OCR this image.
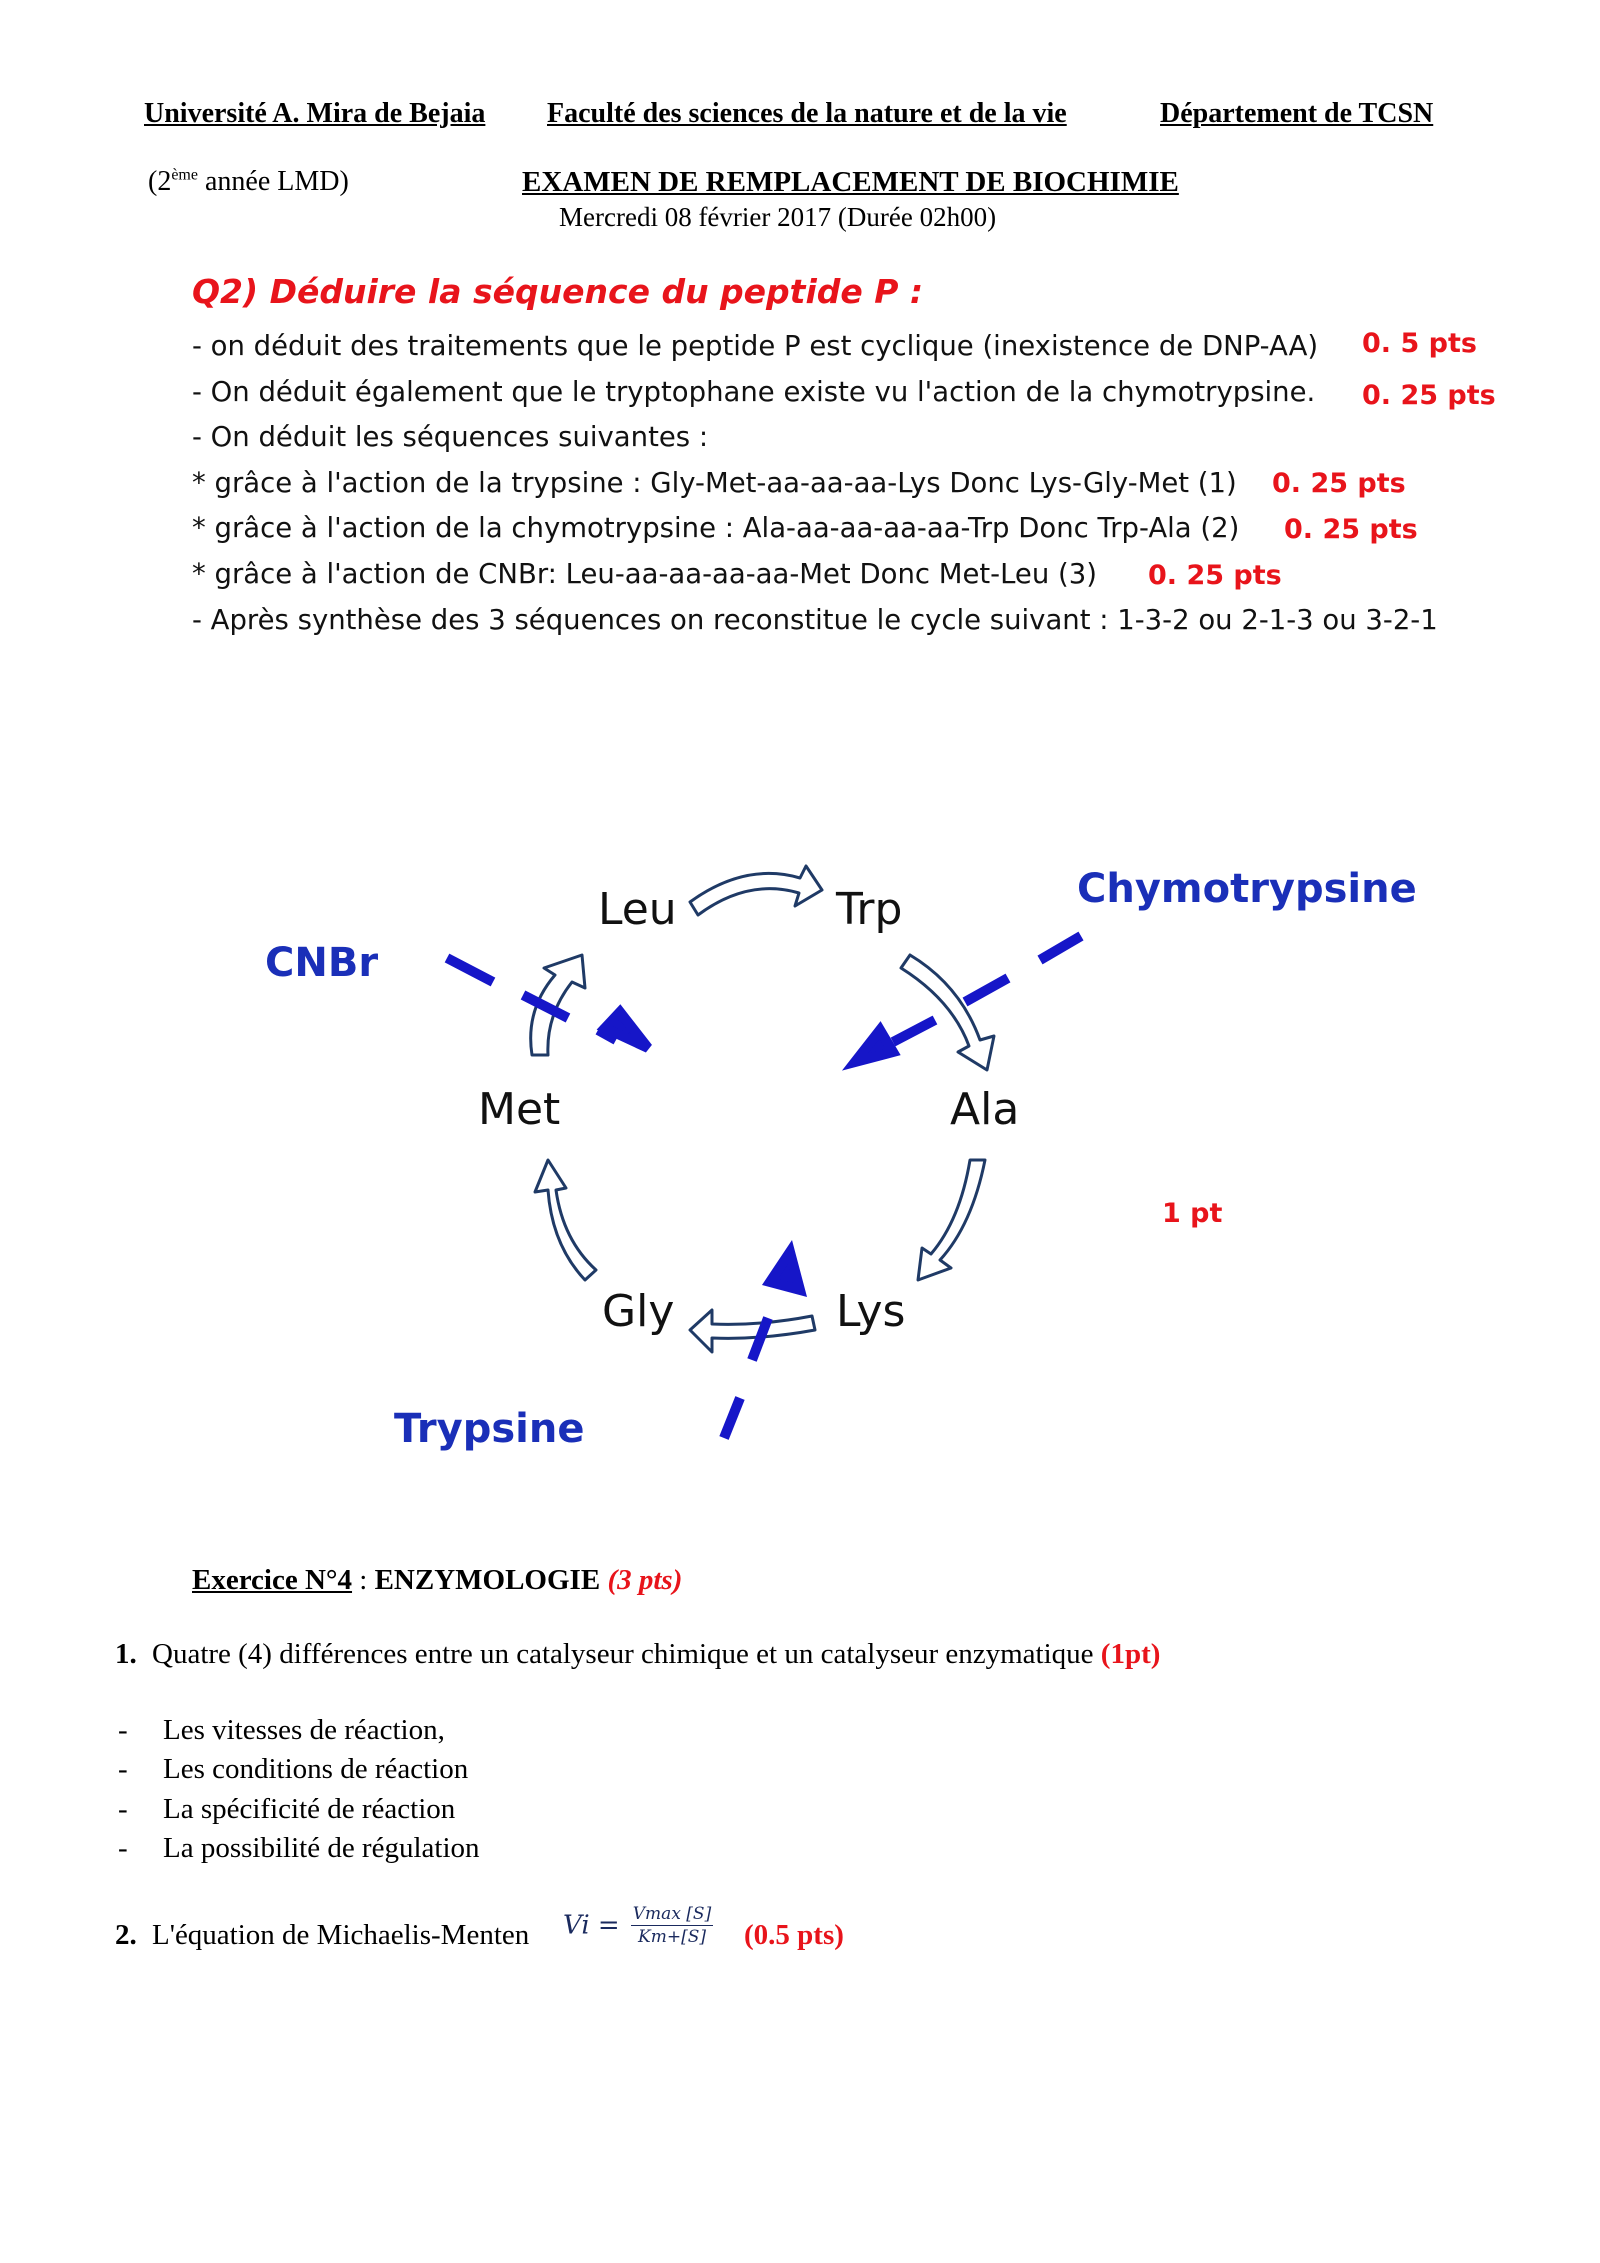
Université A. Mira de Bejaia Faculté des sciences de la nature et de la vie	Département de TCSN
(2ème année LMD)	EXAMEN DE REMPLACEMENT DE BIOCHIMIE
Mercredi 08 février 2017 (Durée 02h00)
Q2) Déduire la séquence du peptide P :
- on déduit des traitements que le peptide P est cyclique (inexistence de DNP-AA) 0. 5 pts
- On déduit également que le tryptophane existe vu l'action de la chymotrypsine. 0. 25 pts
- On déduit les séquences suivantes :
* grâce à l'action de la trypsine : Gly-Met-aa-aa-aa-Lys Donc Lys-Gly-Met (1) 0. 25 pts
* grâce à l'action de la chymotrypsine : Ala-aa-aa-aa-aa-Trp Donc Trp-Ala (2) 0. 25 pts
* grâce à l'action de CNBr: Leu-aa-aa-aa-aa-Met Donc Met-Leu (3) 0. 25 pts
- Après synthèse des 3 séquences on reconstitue le cycle suivant : 1-3-2 ou 2-1-3 ou 3-2-1
Leu	Trp
Ala
Lys
Gly
Met
CNBr
Chymotrypsine
Trypsine
1 pt
Exercice N°4 : ENZYMOLOGIE (3 pts)
1. Quatre (4) différences entre un catalyseur chimique et un catalyseur enzymatique (1pt)
- Les vitesses de réaction,
- Les conditions de réaction
- La spécificité de réaction
- La possibilité de régulation
2. L'équation de Michaelis-Menten Vi = Vmax [S]
Km+[S] (0.5 pts)
